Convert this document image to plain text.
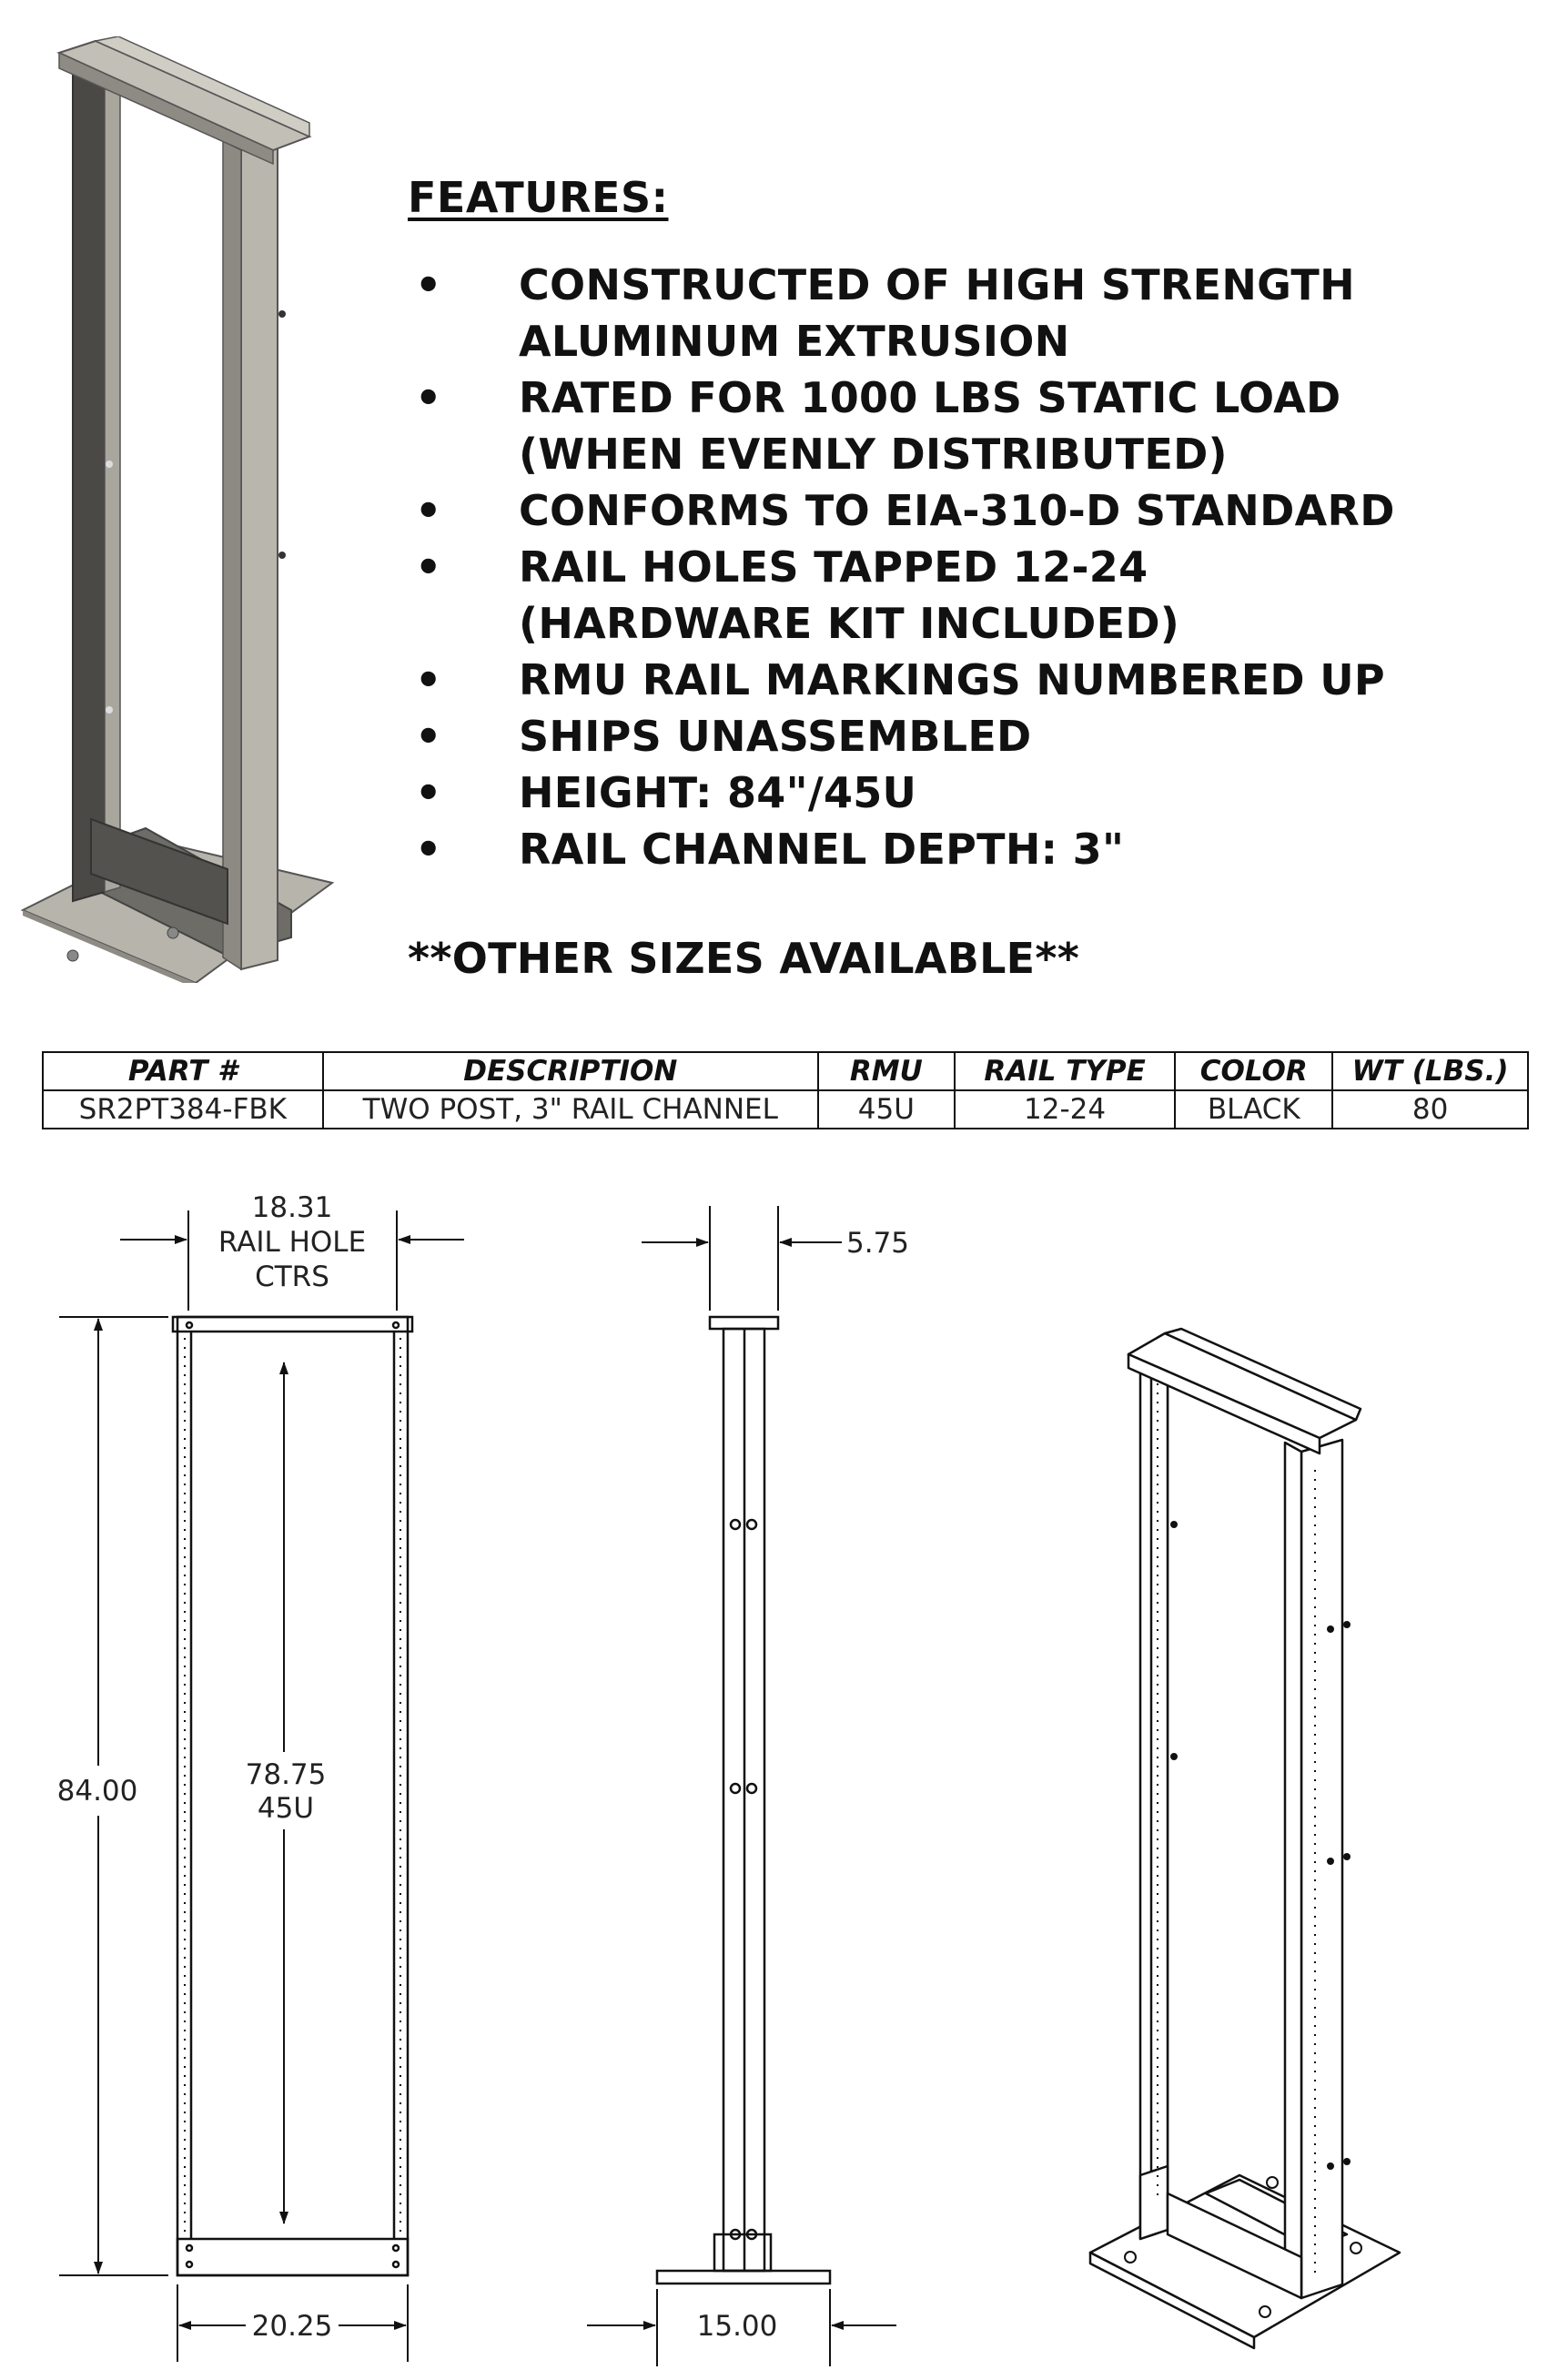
FEATURES:
• CONSTRUCTED OF HIGH STRENGTH
ALUMINUM EXTRUSION
• RATED FOR 1000 LBS STATIC LOAD
(WHEN EVENLY DISTRIBUTED)
• CONFORMS TO EIA-310-D STANDARD
• RAIL HOLES TAPPED 12-24
(HARDWARE KIT INCLUDED)
• RMU RAIL MARKINGS NUMBERED UP
• SHIPS UNASSEMBLED
• HEIGHT: 84"/45U
• RAIL CHANNEL DEPTH: 3"
**OTHER SIZES AVAILABLE**
PART #	DESCRIPTION	RMU	RAIL TYPE	COLOR	WT (LBS.)
SR2PT384-FBK	TWO POST, 3" RAIL CHANNEL	45U	12-24	BLACK	80
18.31
RAIL HOLE
CTRS
84.00	78.75
45U
20.25
5.75
15.00
